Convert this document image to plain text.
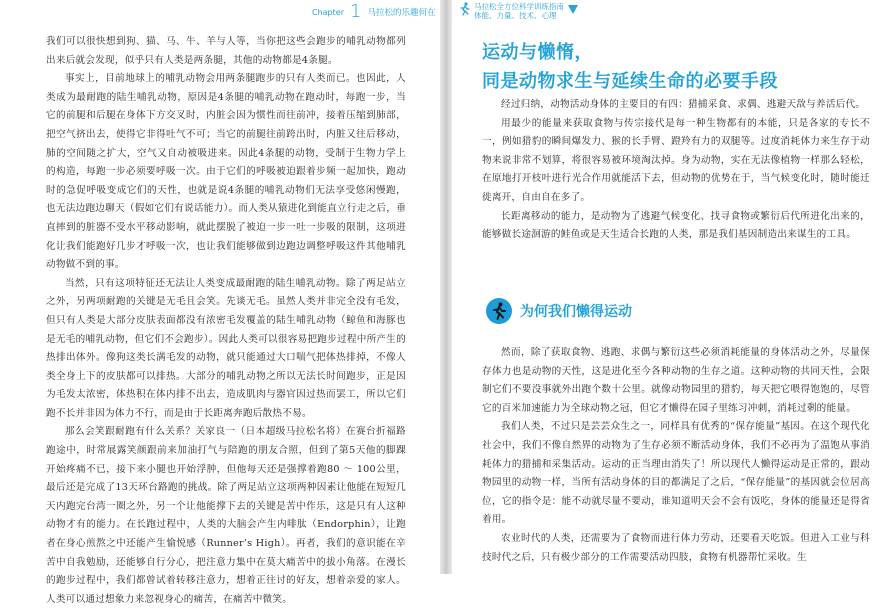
Chapter 1 马拉松的乐趣何在

我们可以很快想到狗、猫、马、牛、羊与人等，当你把这些会跑步的哺乳动物都列出来后就会发现，似乎只有人类是两条腿，其他的动物都是4条腿。

事实上，目前地球上的哺乳动物会用两条腿跑步的只有人类而已。也因此，人类成为最耐跑的陆生哺乳动物，原因是4条腿的哺乳动物在跑动时，每跑一步，当它的前腿和后腿在身体下方交叉时，内脏会因为惯性而往前冲，接着压缩到肺部，把空气挤出去，使得它非得吐气不可；当它的前腿往前跨出时，内脏又往后移动，肺的空间随之扩大，空气又自动被吸进来。因此4条腿的动物，受制于生物力学上的构造，每跑一步必须要呼吸一次。由于它们的呼吸被迫跟着步频一起加快，跑动时的急促呼吸变成它们的天性，也就是说4条腿的哺乳动物们无法享受悠闲慢跑，也无法边跑边聊天（假如它们有说话能力）。而人类从猿进化到能直立行走之后，垂直摔到的脏器不受水平移动影响，就此摆脱了被迫一步一吐一步吸的限制，这项进化让我们能跑好几步才呼吸一次，也让我们能够做到边跑边调整呼吸这件其他哺乳动物做不到的事。

当然，只有这项特征还无法让人类变成最耐跑的陆生哺乳动物。除了两足站立之外，另两项耐跑的关键是无毛且会笑。先谈无毛。虽然人类并非完全没有毛发，但只有人类是大部分皮肤表面都没有浓密毛发覆盖的陆生哺乳动物（鲸鱼和海豚也是无毛的哺乳动物，但它们不会跑步）。因此人类可以很容易把跑步过程中所产生的热排出体外。像狗这类长满毛发的动物，就只能通过大口喘气把体热排掉，不像人类全身上下的皮肤都可以排热。大部分的哺乳动物之所以无法长时间跑步，正是因为毛发太浓密，体热积在体内排不出去，造成肌肉与器官因过热而罢工，所以它们跑不长并非因为体力不行，而是由于长距离奔跑后散热不易。

那么会笑跟耐跑有什么关系？关家良一（日本超级马拉松名将）在赛台折福路跑途中，时常展露笑颜跟前来加油打气与陪跑的朋友合照，但到了第5天他的脚踝开始疼痛不已，接下来小腿也开始浮肿，但他每天还是强撑着跑80 ～ 100公里，最后还是完成了13天环台路跑的挑战。除了两足站立这项两种因素让他能在短短几天内跑完台湾一圈之外，另一个让他能撑下去的关键是苦中作乐，这是只有人这种动物才有的能力。在长跑过程中，人类的大脑会产生内啡肽（Endorphin），让跑者在身心煎熬之中还能产生愉悦感（Runner’s High）。再者，我们的意识能在辛苦中自我勉励，还能够自行分心，把注意力集中在莫大痛苦中的拔小角落。在漫长的跑步过程中，我们都曾试着转移注意力，想着正往讨的好友，想着亲爱的家人。人类可以通过想象力来忽视身心的痛苦，在痛苦中微笑。

马拉松全方位科学训练指南
体能、力量、技术、心理
运动与懒惰，
同是动物求生与延续生命的必要手段

经过归纳，动物活动身体的主要目的有四：猎捕采食、求偶、逃避天敌与养活后代。

用最少的能量来获取食物与传宗接代是每一种生物都有的本能，只是各家的专长不一，例如猎豹的瞬间爆发力、猴的长手臂、蹬羚有力的双腿等。过度消耗体力来生存于动物来说非常不划算，将很容易被环境淘汰掉。身为动物，实在无法像植物一样那么轻松，在原地打开枝叶进行光合作用就能活下去，但动物的优势在于，当气候变化时，随时能迁徙离开，自由自在多了。

长距离移动的能力，是动物为了逃避气候变化、找寻食物或繁衍后代所进化出来的，能够做长途洄游的鲑鱼或是天生适合长跑的人类，那是我们基因制造出来谋生的工具。

为何我们懒得运动

然而，除了获取食物、逃跑、求偶与繁衍这些必须消耗能量的身体活动之外，尽量保存体力也是动物的天性，这是进化至今各种动物的生存之道。这种动物的共同天性，会限制它们不要没事就外出跑个数十公里。就像动物园里的猎豹，每天把它喂得饱饱的，尽管它的百米加速能力为全球动物之冠，但它才懒得在园子里练习冲刺，消耗过剩的能量。

我们人类，不过只是芸芸众生之一，同样具有优秀的“保存能量”基因。在这个现代化社会中，我们不像自然界的动物为了生存必须不断活动身体，我们不必再为了温饱从事消耗体力的猎捕和采集活动。运动的正当理由消失了！所以现代人懒得运动是正常的，跟动物园里的动物一样，当所有活动身体的目的都满足了之后，“保存能量”的基因就会位居高位，它的指令是：能不动就尽量不要动，谁知道明天会不会有饭吃，身体的能量还是得省着用。

农业时代的人类，还需要为了食物而进行体力劳动，还要看天吃饭。但进入工业与科技时代之后，只有极少部分的工作需要活动四肢，食物有机器帮忙采收。生
